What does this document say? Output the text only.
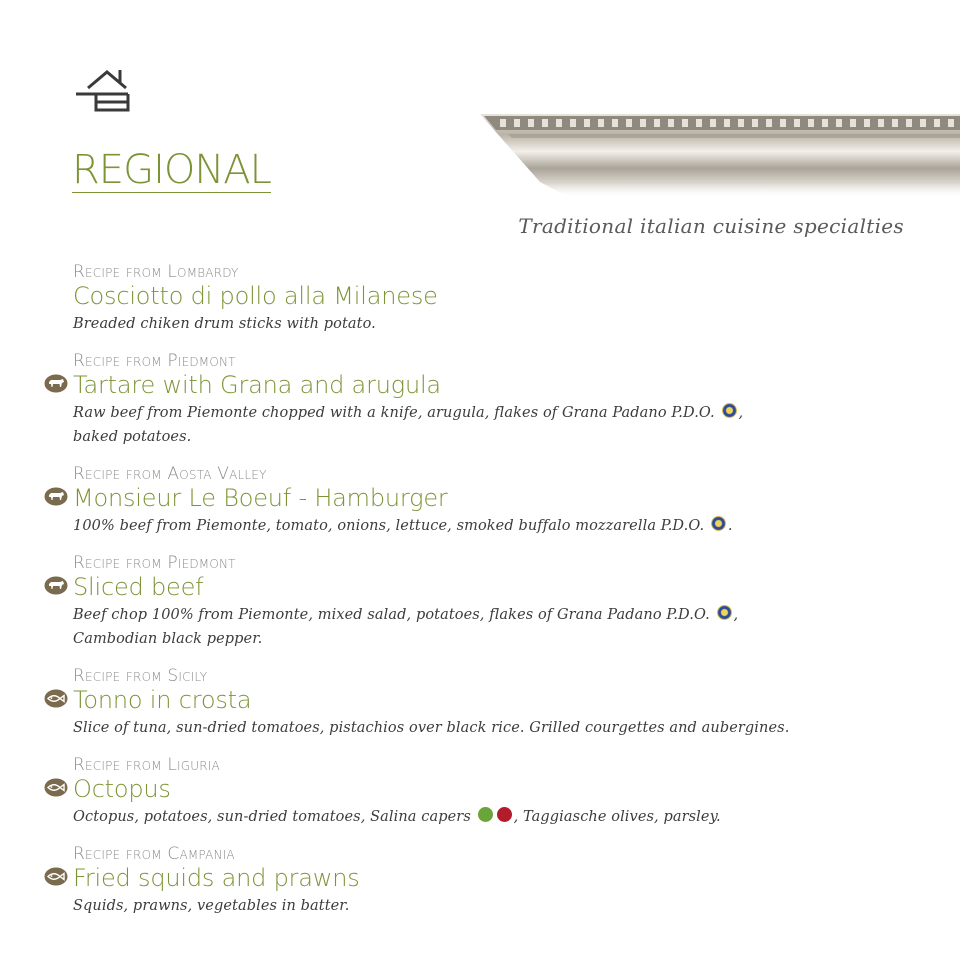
REGIONAL
Traditional italian cuisine specialties
Recipe from Lombardy
Cosciotto di pollo alla Milanese
Breaded chiken drum sticks with potato.
Recipe from Piedmont
Tartare with Grana and arugula
Raw beef from Piemonte chopped with a knife, arugula, flakes of Grana Padano P.D.O. ,
baked potatoes.
Recipe from Aosta Valley
Monsieur Le Boeuf - Hamburger
100% beef from Piemonte, tomato, onions, lettuce, smoked buffalo mozzarella P.D.O. .
Recipe from Piedmont
Sliced beef
Beef chop 100% from Piemonte, mixed salad, potatoes, flakes of Grana Padano P.D.O. ,
Cambodian black pepper.
Recipe from Sicily
Tonno in crosta
Slice of tuna, sun-dried tomatoes, pistachios over black rice. Grilled courgettes and aubergines.
Recipe from Liguria
Octopus
Octopus, potatoes, sun-dried tomatoes, Salina capers	, Taggiasche olives, parsley.
Recipe from Campania
Fried squids and prawns
Squids, prawns, vegetables in batter.
